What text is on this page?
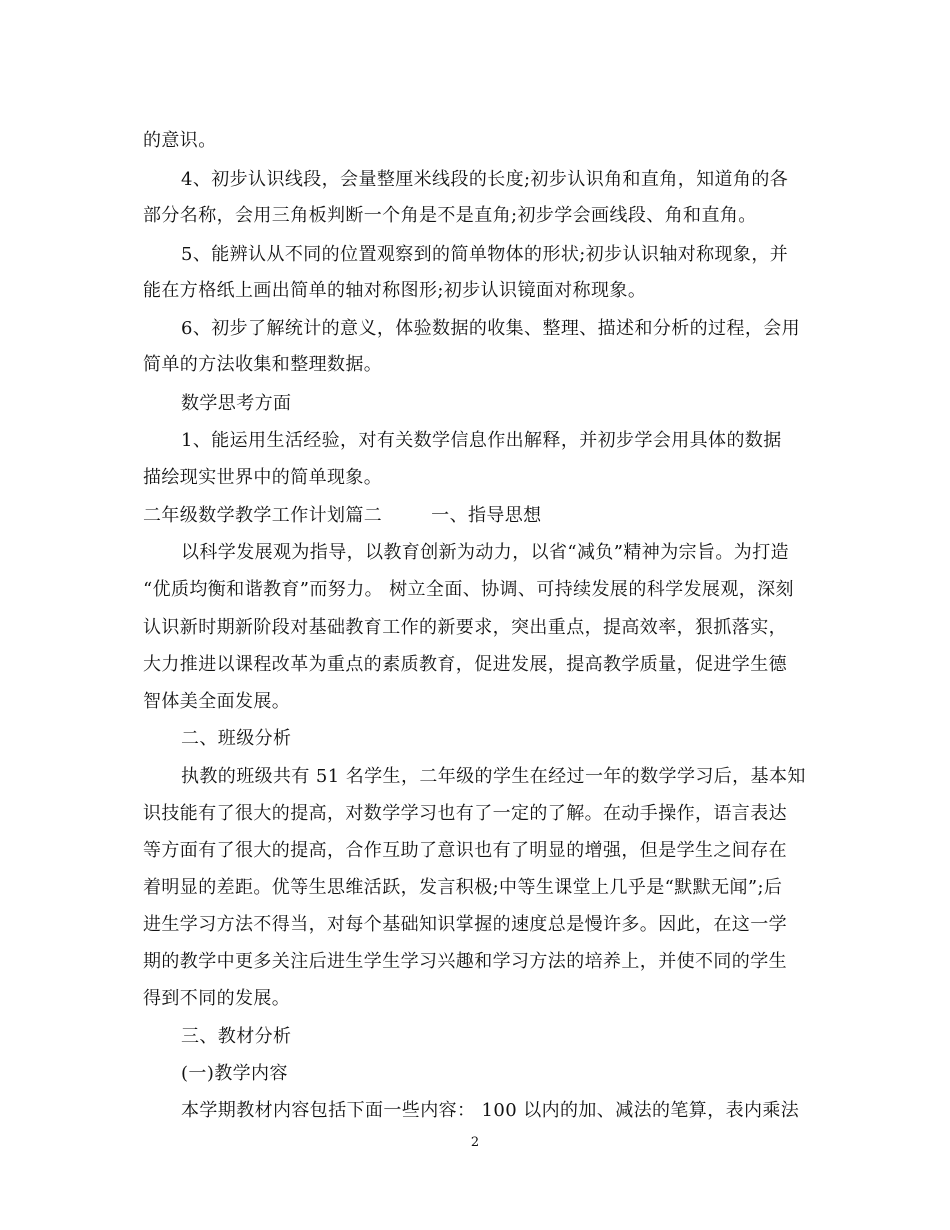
的意识。
4、初步认识线段，会量整厘米线段的长度;初步认识角和直角，知道角的各
部分名称，会用三角板判断一个角是不是直角;初步学会画线段、角和直角。
5、能辨认从不同的位置观察到的简单物体的形状;初步认识轴对称现象，并
能在方格纸上画出简单的轴对称图形;初步认识镜面对称现象。
6、初步了解统计的意义，体验数据的收集、整理、描述和分析的过程，会用
简单的方法收集和整理数据。
数学思考方面
1、能运用生活经验，对有关数学信息作出解释，并初步学会用具体的数据
描绘现实世界中的简单现象。
二年级数学教学工作计划篇二        一、指导思想
以科学发展观为指导，以教育创新为动力，以省“减负”精神为宗旨。为打造
“优质均衡和谐教育”而努力。 树立全面、协调、可持续发展的科学发展观，深刻
认识新时期新阶段对基础教育工作的新要求，突出重点，提高效率，狠抓落实，
大力推进以课程改革为重点的素质教育，促进发展，提高教学质量，促进学生德
智体美全面发展。
二、班级分析
执教的班级共有 51 名学生，二年级的学生在经过一年的数学学习后，基本知
识技能有了很大的提高，对数学学习也有了一定的了解。在动手操作，语言表达
等方面有了很大的提高，合作互助了意识也有了明显的增强，但是学生之间存在
着明显的差距。优等生思维活跃，发言积极;中等生课堂上几乎是“默默无闻”;后
进生学习方法不得当，对每个基础知识掌握的速度总是慢许多。因此，在这一学
期的教学中更多关注后进生学生学习兴趣和学习方法的培养上，并使不同的学生
得到不同的发展。
三、教材分析
(一)教学内容
本学期教材内容包括下面一些内容： 100 以内的加、减法的笔算，表内乘法
2
